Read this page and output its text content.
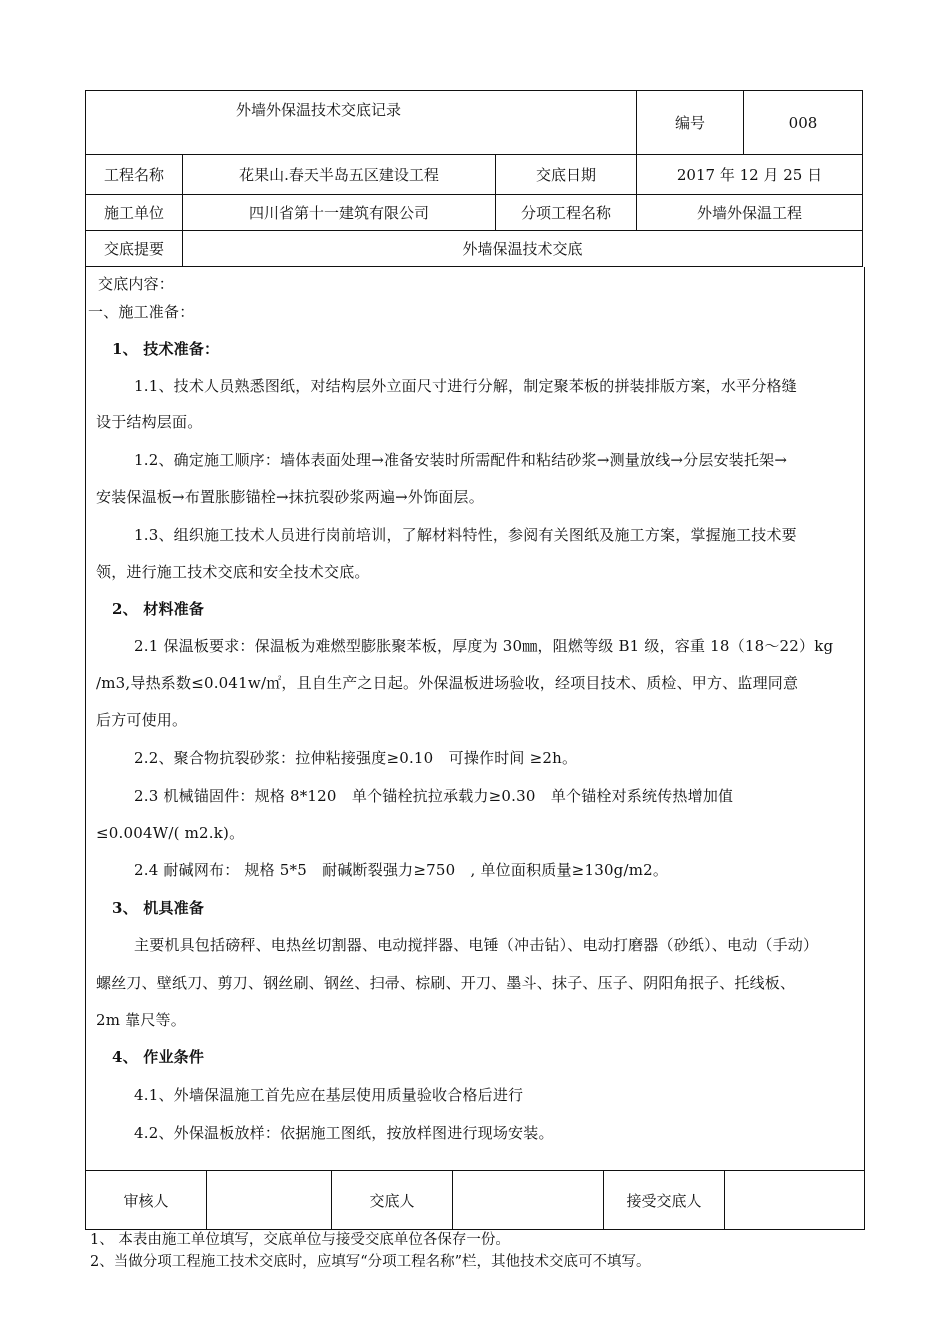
外墙外保温技术交底记录			编号	008
工程名称	花果山.春天半岛五区建设工程	交底日期	2017 年 12 月 25 日	
施工单位	四川省第十一建筑有限公司	分项工程名称	外墙外保温工程	
交底提要	外墙保温技术交底			
交底内容：
一、施工准备：
1、 技术准备：
1.1、技术人员熟悉图纸，对结构层外立面尺寸进行分解，制定聚苯板的拼装排版方案，水平分格缝
设于结构层面。
1.2、确定施工顺序：墙体表面处理→准备安装时所需配件和粘结砂浆→测量放线→分层安装托架→
安装保温板→布置胀膨锚栓→抹抗裂砂浆两遍→外饰面层。
1.3、组织施工技术人员进行岗前培训，了解材料特性，参阅有关图纸及施工方案，掌握施工技术要
领，进行施工技术交底和安全技术交底。
2、 材料准备
2.1 保温板要求：保温板为难燃型膨胀聚苯板，厚度为 30㎜，阻燃等级 B1 级，容重 18（18～22）kg
/m3,导热系数≤0.041w/㎡，且自生产之日起。外保温板进场验收，经项目技术、质检、甲方、监理同意
后方可使用。
2.2、聚合物抗裂砂浆：拉伸粘接强度≥0.10　可操作时间 ≥2h。
2.3 机械锚固件：规格 8*120　单个锚栓抗拉承载力≥0.30　单个锚栓对系统传热增加值
≤0.004W/( m2.k)。
2.4 耐碱网布： 规格 5*5　耐碱断裂强力≥750　, 单位面积质量≥130g/m2。
3、 机具准备
主要机具包括磅秤、电热丝切割器、电动搅拌器、电锤（冲击钻）、电动打磨器（砂纸）、电动（手动）
螺丝刀、壁纸刀、剪刀、钢丝刷、钢丝、扫帚、棕刷、开刀、墨斗、抹子、压子、阴阳角抿子、托线板、
2m 靠尺等。
4、 作业条件
4.1、外墙保温施工首先应在基层使用质量验收合格后进行
4.2、外保温板放样：依据施工图纸，按放样图进行现场安装。
审核人		交底人		接受交底人	
1、 本表由施工单位填写，交底单位与接受交底单位各保存一份。
2、当做分项工程施工技术交底时，应填写“分项工程名称”栏，其他技术交底可不填写。
